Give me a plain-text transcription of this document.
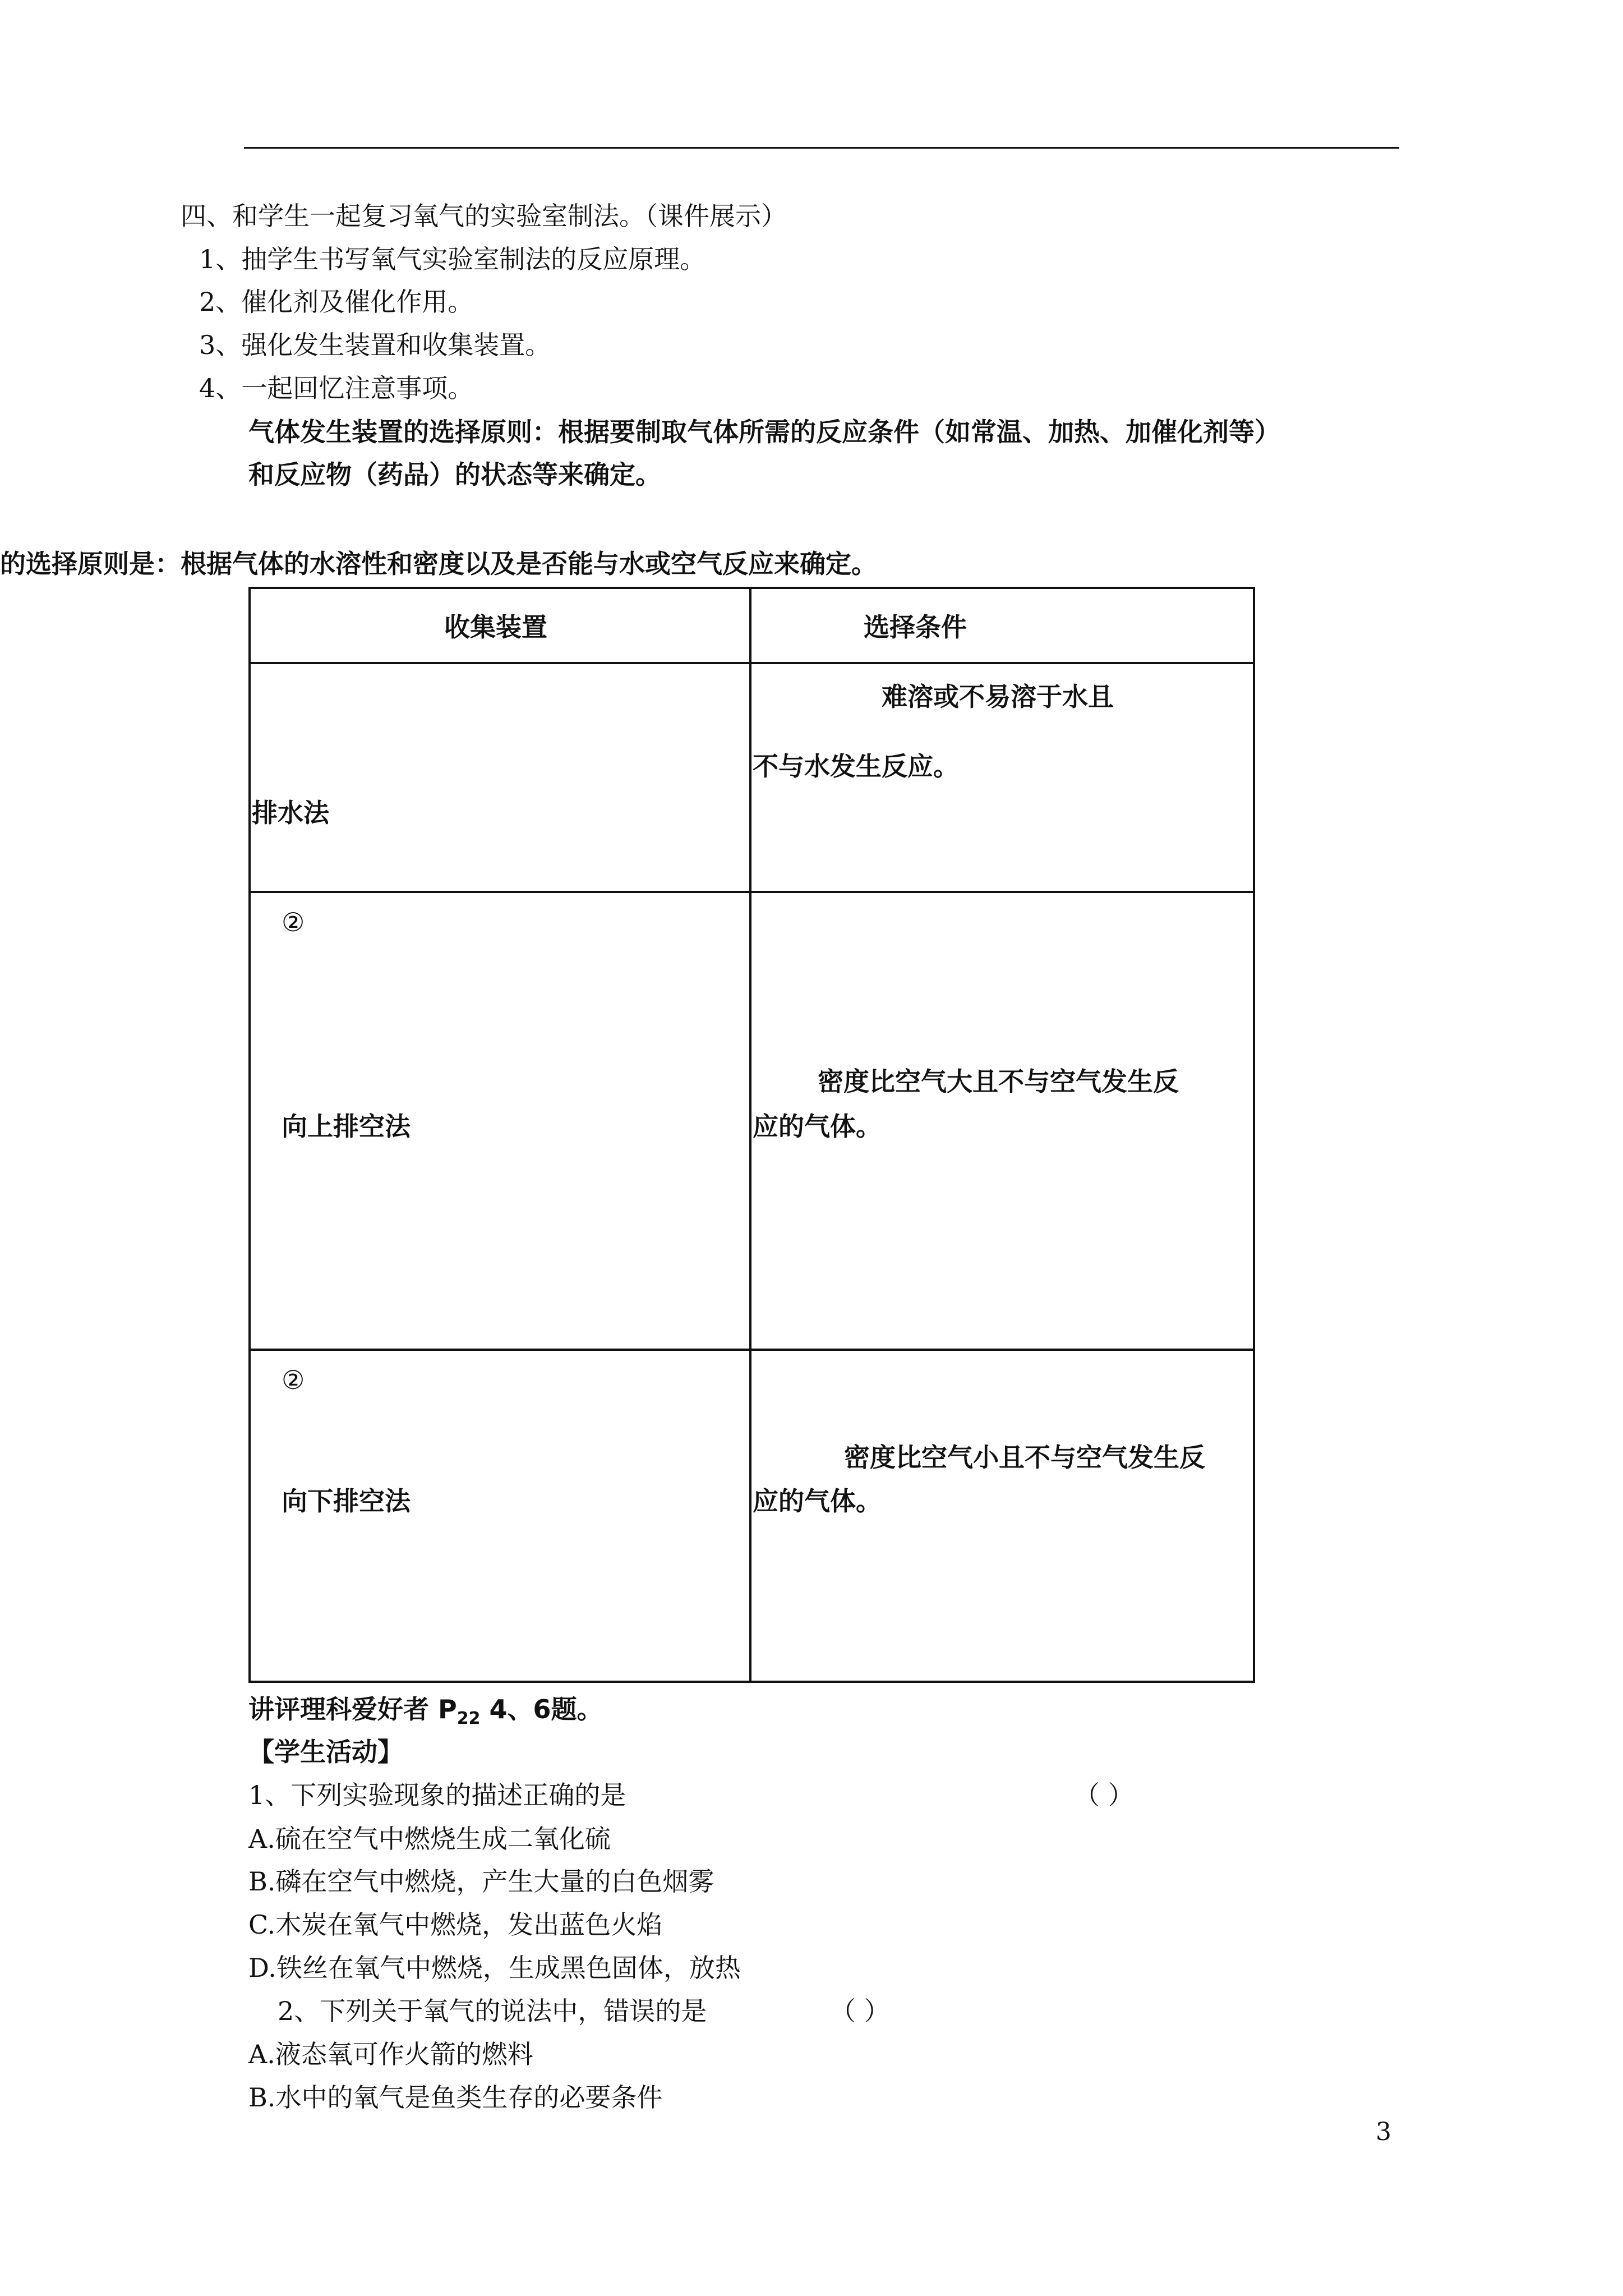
四、和学生一起复习氧气的实验室制法。（课件展示）
1、抽学生书写氧气实验室制法的反应原理。
2、催化剂及催化作用。
3、强化发生装置和收集装置。
4、一起回忆注意事项。
气体发生装置的选择原则：根据要制取气体所需的反应条件（如常温、加热、加催化剂等）
和反应物（药品）的状态等来确定。
的选择原则是：根据气体的水溶性和密度以及是否能与水或空气反应来确定。
收集装置	选择条件

排水法	难溶或不易溶于水且
不与水发生反应。

②
向上排空法	密度比空气大且不与空气发生反
应的气体。

②
向下排空法	密度比空气小且不与空气发生反
应的气体。
讲评理科爱好者 $P_{22}$ 4、6题。
【学生活动】
1、下列实验现象的描述正确的是	（ ）
A.硫在空气中燃烧生成二氧化硫
B.磷在空气中燃烧，产生大量的白色烟雾
C.木炭在氧气中燃烧，发出蓝色火焰
D.铁丝在氧气中燃烧，生成黑色固体，放热
2、下列关于氧气的说法中，错误的是	（ ）
A.液态氧可作火箭的燃料
B.水中的氧气是鱼类生存的必要条件
3
